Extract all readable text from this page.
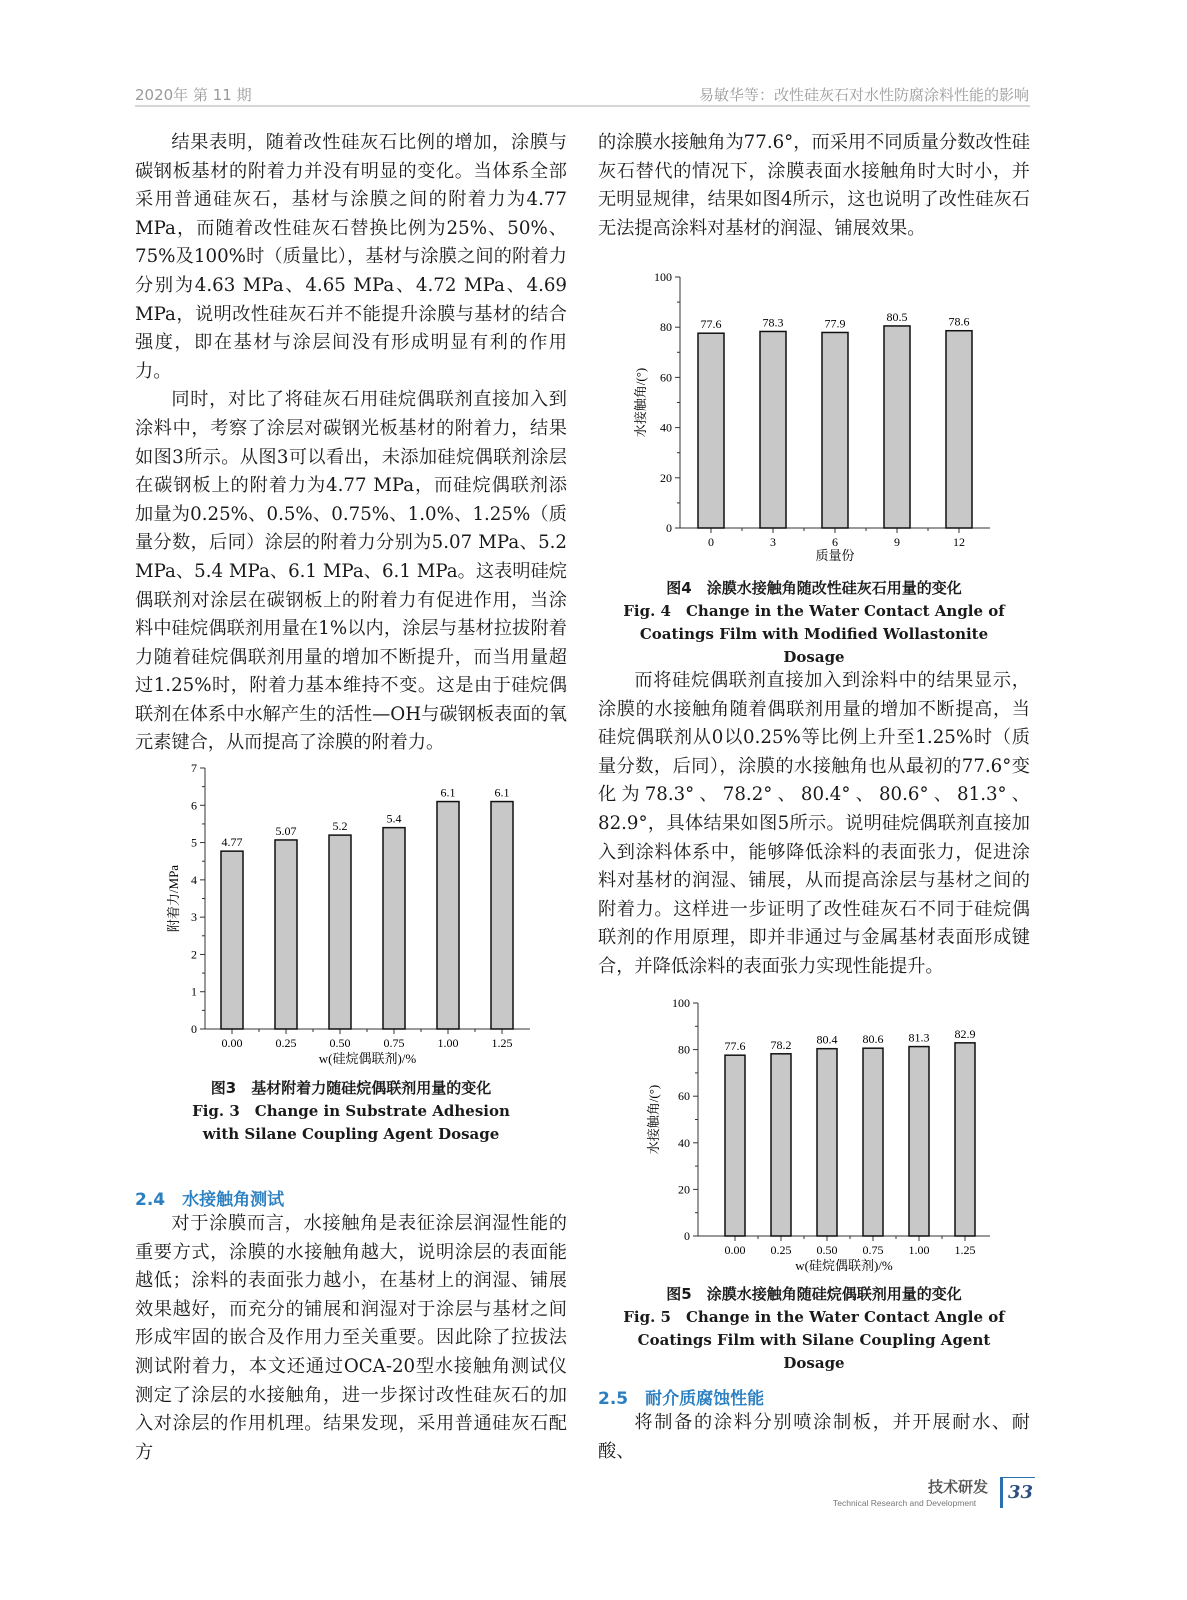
2020年 第 11 期	易敏华等：改性硅灰石对水性防腐涂料性能的影响

结果表明，随着改性硅灰石比例的增加，涂膜与碳钢板基材的附着力并没有明显的变化。当体系全部采用普通硅灰石，基材与涂膜之间的附着力为4.77 MPa，而随着改性硅灰石替换比例为25%、50%、75%及100%时（质量比），基材与涂膜之间的附着力分别为4.63 MPa、4.65 MPa、4.72 MPa、4.69 MPa，说明改性硅灰石并不能提升涂膜与基材的结合强度，即在基材与涂层间没有形成明显有利的作用力。

同时，对比了将硅灰石用硅烷偶联剂直接加入到涂料中，考察了涂层对碳钢光板基材的附着力，结果如图3所示。从图3可以看出，未添加硅烷偶联剂涂层在碳钢板上的附着力为4.77 MPa，而硅烷偶联剂添加量为0.25%、0.5%、0.75%、1.0%、1.25%（质量分数，后同）涂层的附着力分别为5.07 MPa、5.2 MPa、5.4 MPa、6.1 MPa、6.1 MPa。这表明硅烷偶联剂对涂层在碳钢板上的附着力有促进作用，当涂料中硅烷偶联剂用量在1%以内，涂层与基材拉拔附着力随着硅烷偶联剂用量的增加不断提升，而当用量超过1.25%时，附着力基本维持不变。这是由于硅烷偶联剂在体系中水解产生的活性—OH与碳钢板表面的氧元素键合，从而提高了涂膜的附着力。

0
1
2
3
4
5
6
7
4.77
0.00
5.07
0.25
5.2
0.50
5.4
0.75
6.1
1.00
6.1
1.25
w(硅烷偶联剂)/%
附着力/MPa
图3　基材附着力随硅烷偶联剂用量的变化
Fig. 3　Change in Substrate Adhesion with Silane Coupling Agent Dosage
2.4　水接触角测试

对于涂膜而言，水接触角是表征涂层润湿性能的重要方式，涂膜的水接触角越大，说明涂层的表面能越低；涂料的表面张力越小，在基材上的润湿、铺展效果越好，而充分的铺展和润湿对于涂层与基材之间形成牢固的嵌合及作用力至关重要。因此除了拉拔法测试附着力，本文还通过OCA-20型水接触角测试仪测定了涂层的水接触角，进一步探讨改性硅灰石的加入对涂层的作用机理。结果发现，采用普通硅灰石配方

的涂膜水接触角为77.6°，而采用不同质量分数改性硅灰石替代的情况下，涂膜表面水接触角时大时小，并无明显规律，结果如图4所示，这也说明了改性硅灰石无法提高涂料对基材的润湿、铺展效果。

0
20
40
60
80
100
77.6
0
78.3
3
77.9
6
80.5
9
78.6
12
质量份
水接触角/(°)
图4　涂膜水接触角随改性硅灰石用量的变化
Fig. 4　Change in the Water Contact Angle of Coatings Film with Modified Wollastonite Dosage

而将硅烷偶联剂直接加入到涂料中的结果显示，涂膜的水接触角随着偶联剂用量的增加不断提高，当硅烷偶联剂从0以0.25%等比例上升至1.25%时（质量分数，后同），涂膜的水接触角也从最初的77.6°变化为78.3°、78.2°、80.4°、80.6°、81.3°、82.9°，具体结果如图5所示。说明硅烷偶联剂直接加入到涂料体系中，能够降低涂料的表面张力，促进涂料对基材的润湿、铺展，从而提高涂层与基材之间的附着力。这样进一步证明了改性硅灰石不同于硅烷偶联剂的作用原理，即并非通过与金属基材表面形成键合，并降低涂料的表面张力实现性能提升。

0
20
40
60
80
100
77.6
0.00
78.2
0.25
80.4
0.50
80.6
0.75
81.3
1.00
82.9
1.25
w(硅烷偶联剂)/%
水接触角/(°)
图5　涂膜水接触角随硅烷偶联剂用量的变化
Fig. 5　Change in the Water Contact Angle of Coatings Film with Silane Coupling Agent Dosage
2.5　耐介质腐蚀性能

将制备的涂料分别喷涂制板，并开展耐水、耐酸、

技术研发
Technical Research and Development 33
